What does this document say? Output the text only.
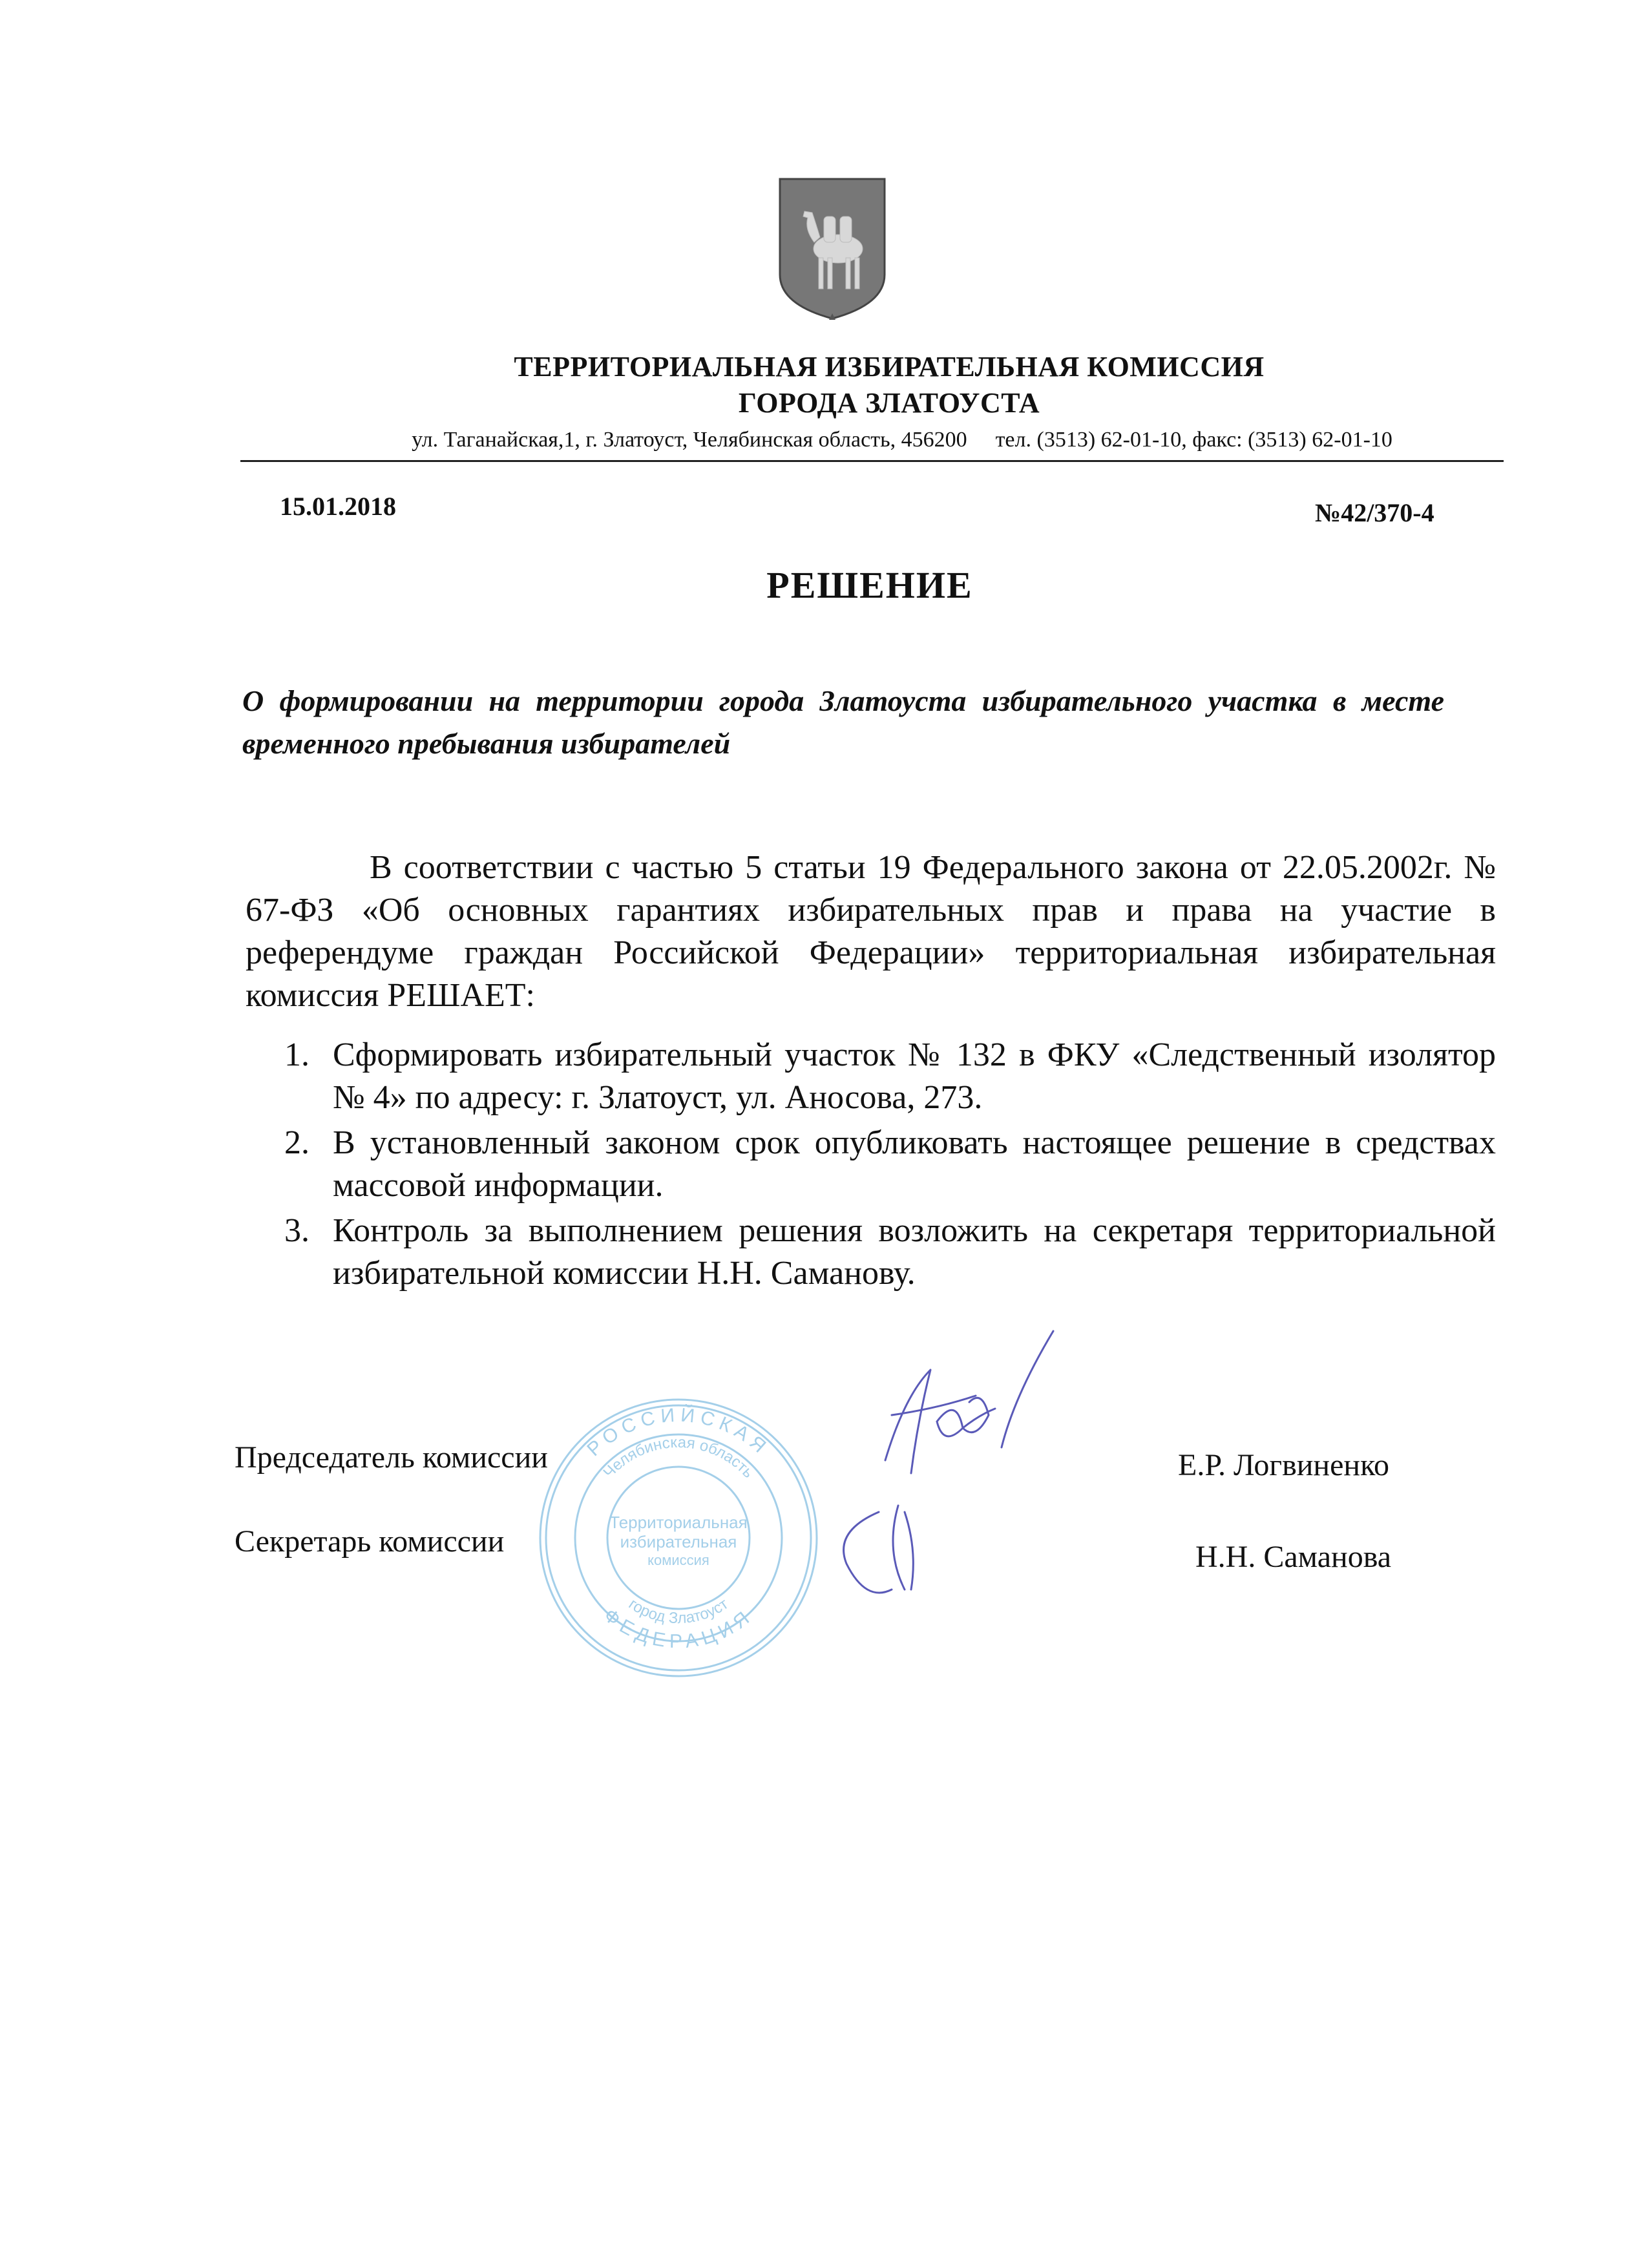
ТЕРРИТОРИАЛЬНАЯ ИЗБИРАТЕЛЬНАЯ КОМИССИЯ
ГОРОДА ЗЛАТОУСТА
ул. Таганайская,1, г. Златоуст, Челябинская область, 456200 тел. (3513) 62-01-10, факс: (3513) 62-01-10
15.01.2018	№42/370-4
РЕШЕНИЕ
О формировании на территории города Златоуста избирательного участка в месте временного пребывания избирателей
В соответствии с частью 5 статьи 19 Федерального закона от 22.05.2002г. № 67-ФЗ «Об основных гарантиях избирательных прав и права на участие в референдуме граждан Российской Федерации» территориальная избирательная комиссия РЕШАЕТ:
1. Сформировать избирательный участок № 132 в ФКУ «Следственный изолятор № 4» по адресу: г. Златоуст, ул. Аносова, 273.
2. В установленный законом срок опубликовать настоящее решение в средствах массовой информации.
3. Контроль за выполнением решения возложить на секретаря территориальной избирательной комиссии Н.Н. Саманову.
РОССИЙСКАЯ
ФЕДЕРАЦИЯ
Челябинская область
город Златоуст
Территориальная
избирательная
комиссия
Председатель комиссии	Е.Р. Логвиненко
Секретарь комиссии	Н.Н. Саманова
